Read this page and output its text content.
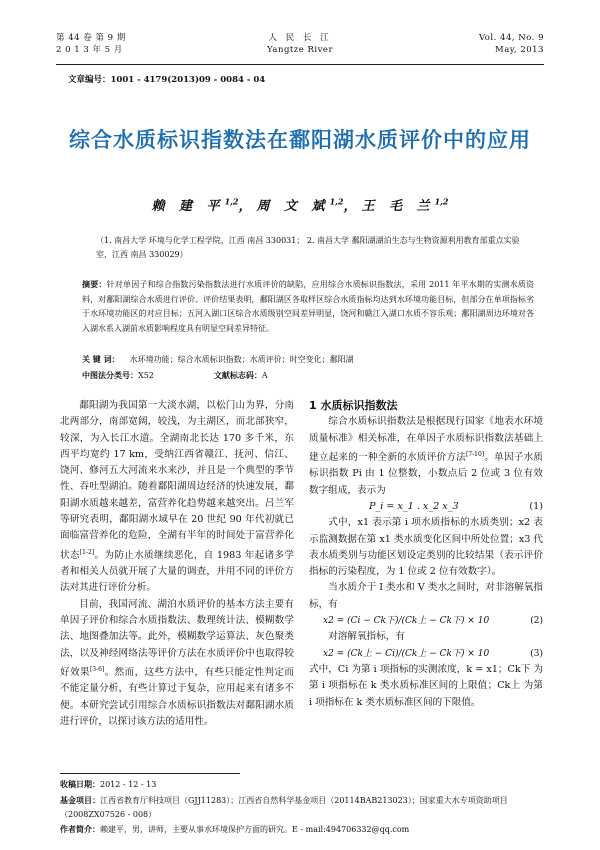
第 44 卷 第 9 期
2 0 1 3 年 5 月
人 民 长 江
Yangtze River
Vol. 44, No. 9
May, 2013
文章编号：1001 - 4179(2013)09 - 0084 - 04
综合水质标识指数法在鄱阳湖水质评价中的应用
赖 建 平$^{1,2}$，周 文 斌$^{1,2}$，王 毛 兰$^{1,2}$
（1. 南昌大学 环境与化学工程学院，江西 南昌 330031； 2. 南昌大学 鄱阳湖湖泊生态与生物资源利用教育部重点实验室，江西 南昌 330029）
摘要：针对单因子和综合指数污染指数法进行水质评价的缺陷，应用综合水质标识指数法，采用 2011 年平水期的实测水质资料，对鄱阳湖综合水质进行评价。评价结果表明，鄱阳湖区各取样区综合水质指标均达到水环境功能目标，但部分在单项指标劣于水环境功能区的对应目标；五河入湖口区综合水质级别空间差异明显，饶河和赣江入湖口水质不容乐观；鄱阳湖周边环境对各入湖水系入湖前水质影响程度具有明显空间差异特征。
关 键 词： 水环境功能；综合水质标识指数；水质评价；时空变化；鄱阳湖
中图法分类号：X52	文献标志码：A

鄱阳湖为我国第一大淡水湖，以松门山为界，分南北两部分，南部宽阔，较浅，为主湖区，而北部狭窄，较深，为入长江水道。全湖南北长达 170 多千米，东西平均宽约 17 km，受纳江西省赣江、抚河、信江、饶河、修河五大河流来水来沙，并且是一个典型的季节性、吞吐型湖泊。随着鄱阳湖周边经济的快速发展，鄱阳湖水质越来越差，富营养化趋势越来越突出。吕兰军等研究表明，鄱阳湖水域早在 20 世纪 90 年代初就已面临富营养化的危险，全湖有半年的时间处于富营养化状态[1-2]。为防止水质继续恶化，自 1983 年起诸多学者和相关人员就开展了大量的调查，并用不同的评价方法对其进行评价分析。

目前，我国河流、湖泊水质评价的基本方法主要有单因子评价和综合水质指数法、数理统计法、模糊数学法、地图叠加法等。此外，模糊数学运算法、灰色聚类法，以及神经网络法等评价方法在水质评价中也取得较好效果[3-6]。然而，这些方法中，有些只能定性判定而不能定量分析，有些计算过于复杂，应用起来有诸多不便。本研究尝试引用综合水质标识指数法对鄱阳湖水质进行评价，以探讨该方法的适用性。

1 水质标识指数法

综合水质标识指数法是根据现行国家《地表水环境质量标准》相关标准，在单因子水质标识指数法基础上建立起来的一种全新的水质评价方法[7-10]。单因子水质标识指数 Pi 由 1 位整数，小数点后 2 位或 3 位有效数字组成，表示为

P_i = x_1 . x_2 x_3	(1)

式中，x1 表示第 i 项水质指标的水质类别；x2 表示监测数据在第 x1 类水质变化区间中所处位置；x3 代表水质类别与功能区划设定类别的比较结果（表示评价指标的污染程度，为 1 位或 2 位有效数字）。

当水质介于 Ⅰ 类水和 Ⅴ 类水之间时，对非溶解氧指标，有

x2 = (Ci − Ck下)/(Ck上 − Ck下) × 10	(2)

对溶解氧指标，有

x2 = (Ck上 − Ci)/(Ck上 − Ck下) × 10	(3)

式中，Ci 为第 i 项指标的实测浓度，k = x1；Ck下 为第 i 项指标在 k 类水质标准区间的上限值；Ck上 为第 i 项指标在 k 类水质标准区间的下限值。

收稿日期：2012 - 12 - 13
基金项目：江西省教育厅科技项目（GJJ11283）；江西省自然科学基金项目（20114BAB213023）；国家重大水专项资助项目（2008ZX07526 - 008）
作者简介：赖建平，男，讲师，主要从事水环境保护方面的研究。E - mail:494706332@qq.com
